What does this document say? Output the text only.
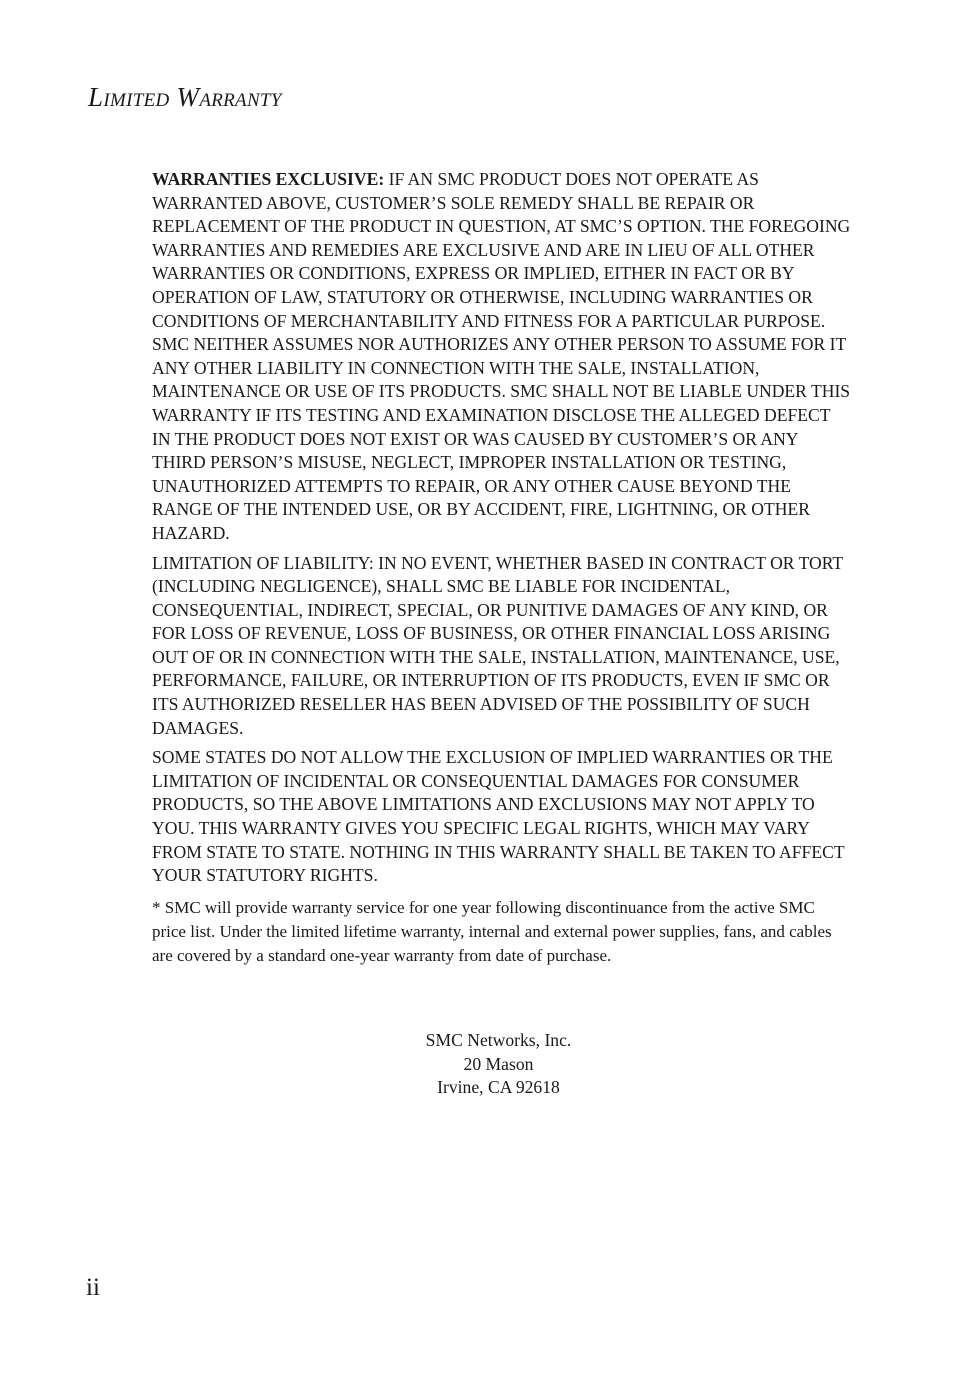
Limited Warranty

WARRANTIES EXCLUSIVE: IF AN SMC PRODUCT DOES NOT OPERATE AS WARRANTED ABOVE, CUSTOMER’S SOLE REMEDY SHALL BE REPAIR OR REPLACEMENT OF THE PRODUCT IN QUESTION, AT SMC’S OPTION. THE FOREGOING WARRANTIES AND REMEDIES ARE EXCLUSIVE AND ARE IN LIEU OF ALL OTHER WARRANTIES OR CONDITIONS, EXPRESS OR IMPLIED, EITHER IN FACT OR BY OPERATION OF LAW, STATUTORY OR OTHERWISE, INCLUDING WARRANTIES OR CONDITIONS OF MERCHANTABILITY AND FITNESS FOR A PARTICULAR PURPOSE. SMC NEITHER ASSUMES NOR AUTHORIZES ANY OTHER PERSON TO ASSUME FOR IT ANY OTHER LIABILITY IN CONNECTION WITH THE SALE, INSTALLATION, MAINTENANCE OR USE OF ITS PRODUCTS. SMC SHALL NOT BE LIABLE UNDER THIS WARRANTY IF ITS TESTING AND EXAMINATION DISCLOSE THE ALLEGED DEFECT IN THE PRODUCT DOES NOT EXIST OR WAS CAUSED BY CUSTOMER’S OR ANY THIRD PERSON’S MISUSE, NEGLECT, IMPROPER INSTALLATION OR TESTING, UNAUTHORIZED ATTEMPTS TO REPAIR, OR ANY OTHER CAUSE BEYOND THE RANGE OF THE INTENDED USE, OR BY ACCIDENT, FIRE, LIGHTNING, OR OTHER HAZARD.

LIMITATION OF LIABILITY: IN NO EVENT, WHETHER BASED IN CONTRACT OR TORT (INCLUDING NEGLIGENCE), SHALL SMC BE LIABLE FOR INCIDENTAL, CONSEQUENTIAL, INDIRECT, SPECIAL, OR PUNITIVE DAMAGES OF ANY KIND, OR FOR LOSS OF REVENUE, LOSS OF BUSINESS, OR OTHER FINANCIAL LOSS ARISING OUT OF OR IN CONNECTION WITH THE SALE, INSTALLATION, MAINTENANCE, USE, PERFORMANCE, FAILURE, OR INTERRUPTION OF ITS PRODUCTS, EVEN IF SMC OR ITS AUTHORIZED RESELLER HAS BEEN ADVISED OF THE POSSIBILITY OF SUCH DAMAGES.

SOME STATES DO NOT ALLOW THE EXCLUSION OF IMPLIED WARRANTIES OR THE LIMITATION OF INCIDENTAL OR CONSEQUENTIAL DAMAGES FOR CONSUMER PRODUCTS, SO THE ABOVE LIMITATIONS AND EXCLUSIONS MAY NOT APPLY TO YOU. THIS WARRANTY GIVES YOU SPECIFIC LEGAL RIGHTS, WHICH MAY VARY FROM STATE TO STATE. NOTHING IN THIS WARRANTY SHALL BE TAKEN TO AFFECT YOUR STATUTORY RIGHTS.

* SMC will provide warranty service for one year following discontinuance from the active SMC price list. Under the limited lifetime warranty, internal and external power supplies, fans, and cables are covered by a standard one-year warranty from date of purchase.

SMC Networks, Inc.
20 Mason
Irvine, CA 92618
ii
